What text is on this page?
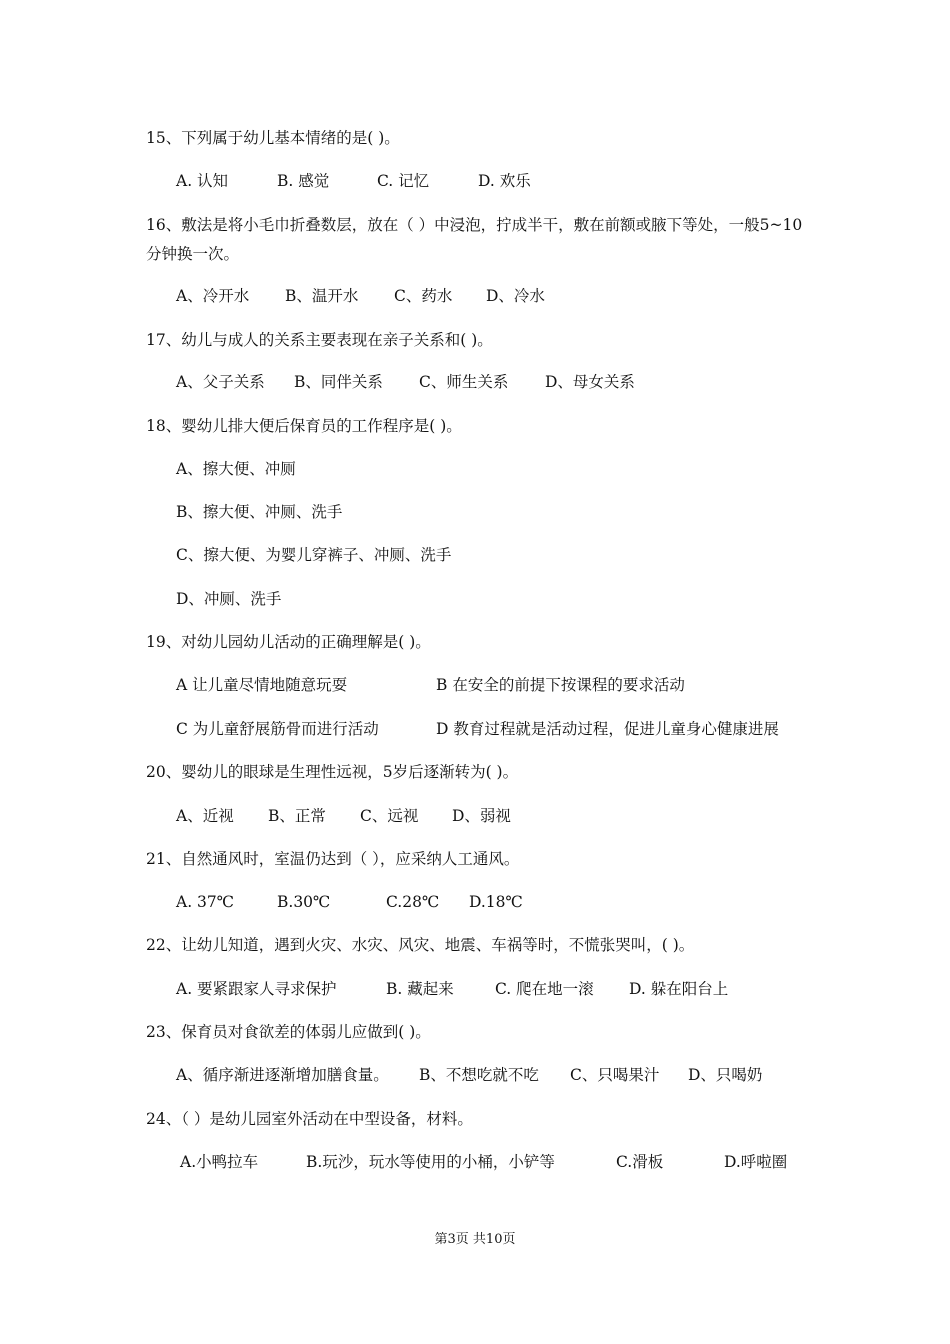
15、下列属于幼儿基本情绪的是( )。
A. 认知	B. 感觉	C. 记忆	D. 欢乐
16、敷法是将小毛巾折叠数层，放在（ ）中浸泡，拧成半干，敷在前额或腋下等处，一般5~10分钟换一次。
A、冷开水 B、温开水 C、药水 D、冷水
17、幼儿与成人的关系主要表现在亲子关系和( )。
A、父子关系 B、同伴关系 C、师生关系 D、母女关系
18、婴幼儿排大便后保育员的工作程序是( )。
A、擦大便、冲厕
B、擦大便、冲厕、洗手
C、擦大便、为婴儿穿裤子、冲厕、洗手
D、冲厕、洗手
19、对幼儿园幼儿活动的正确理解是( )。
A 让儿童尽情地随意玩耍	B 在安全的前提下按课程的要求活动
C 为儿童舒展筋骨而进行活动	D 教育过程就是活动过程，促进儿童身心健康进展
20、婴幼儿的眼球是生理性远视，5岁后逐渐转为( )。
A、近视 B、正常 C、远视 D、弱视
21、自然通风时，室温仍达到（ ），应采纳人工通风。
A. 37℃	B.30℃	C.28℃ D.18℃
22、让幼儿知道，遇到火灾、水灾、风灾、地震、车祸等时，不慌张哭叫，( )。
A. 要紧跟家人寻求保护	B. 藏起来	C. 爬在地一滚 D. 躲在阳台上
23、保育员对食欲差的体弱儿应做到( )。
A、循序渐进逐渐增加膳食量。 B、不想吃就不吃 C、只喝果汁 D、只喝奶
24、（ ）是幼儿园室外活动在中型设备，材料。
A.小鸭拉车	B.玩沙，玩水等使用的小桶，小铲等	C.滑板	D.呼啦圈
第3页 共10页
